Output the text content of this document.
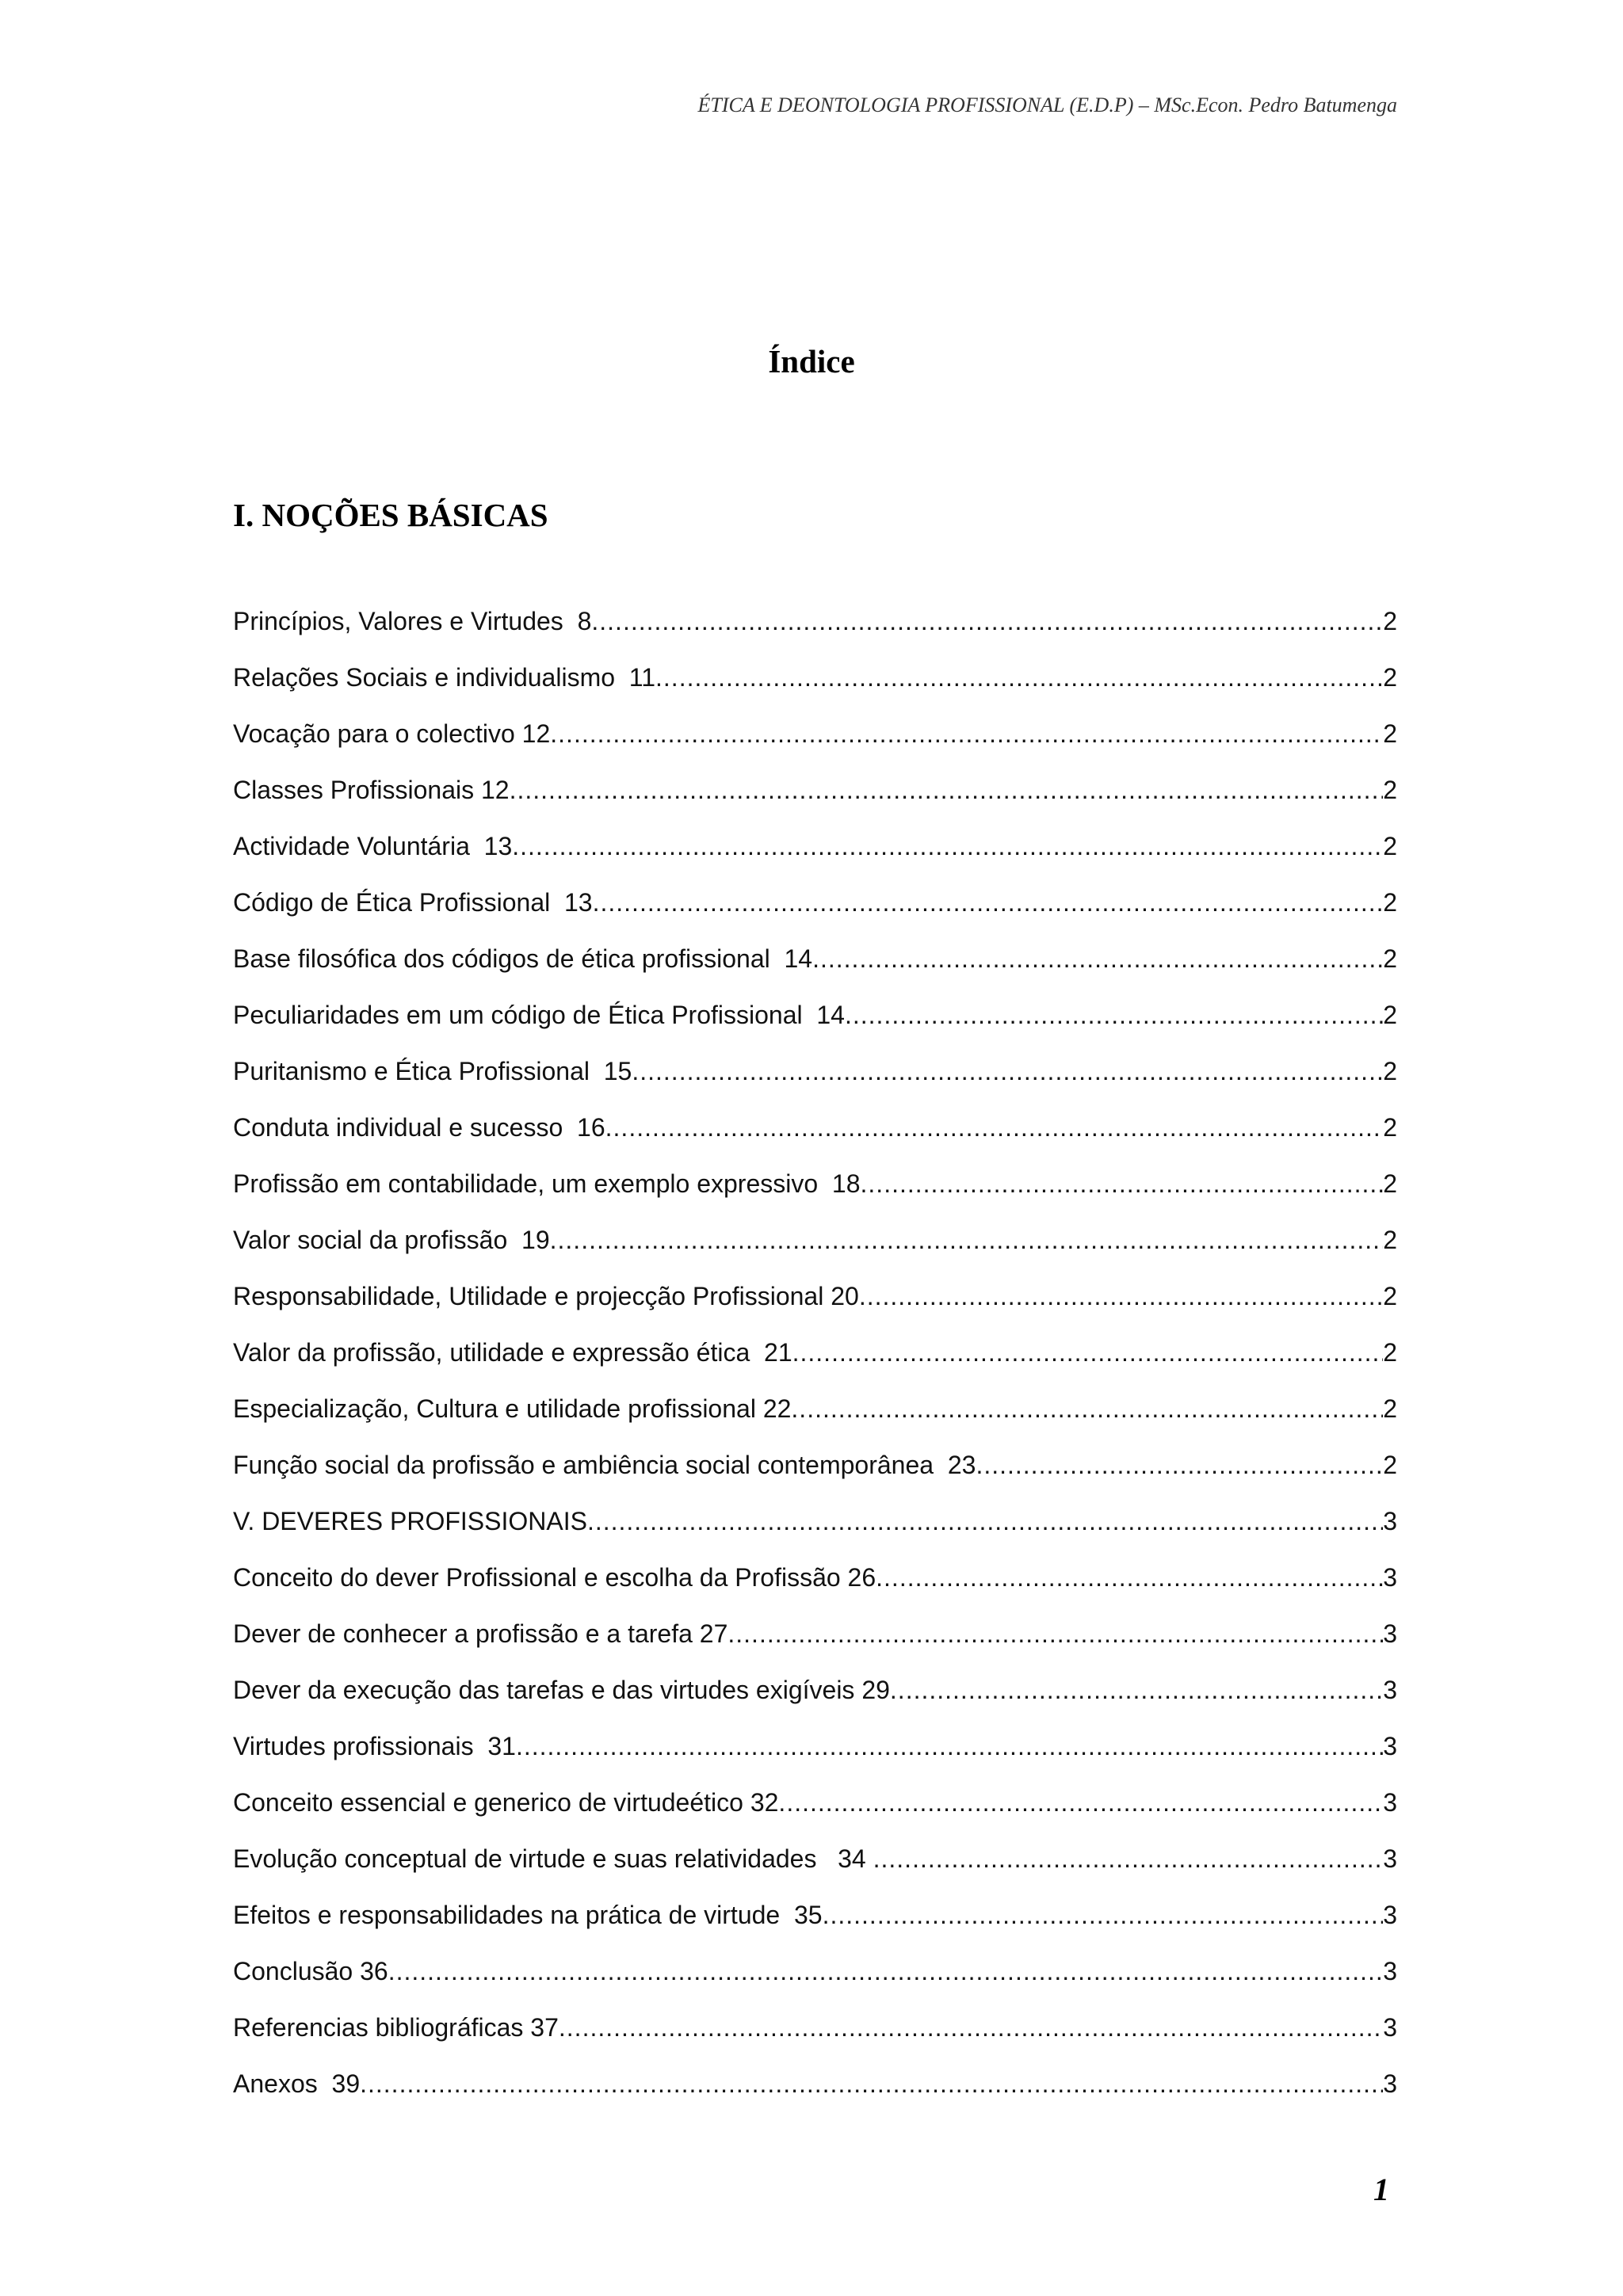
ÉTICA E DEONTOLOGIA PROFISSIONAL (E.D.P) – MSc.Econ. Pedro Batumenga
Índice
I. NOÇÕES BÁSICAS
Princípios, Valores e Virtudes  8 .....	2
Relações Sociais e individualismo  11 .....	2
Vocação para o colectivo 12 .....	2
Classes Profissionais 12 .....	2
Actividade Voluntária  13 .....	2
Código de Ética Profissional  13 .....	2
Base filosófica dos códigos de ética profissional  14 .....	2
Peculiaridades em um código de Ética Profissional  14 .....	2
Puritanismo e Ética Profissional  15 .....	2
Conduta individual e sucesso  16 .....	2
Profissão em contabilidade, um exemplo expressivo  18 .....	2
Valor social da profissão  19 .....	2
Responsabilidade, Utilidade e projecção Profissional 20 .....	2
Valor da profissão, utilidade e expressão ética  21 .....	2
Especialização, Cultura e utilidade profissional 22 .....	2
Função social da profissão e ambiência social contemporânea  23 .....	2
V. DEVERES PROFISSIONAIS .....	3
Conceito do dever Profissional e escolha da Profissão 26 .....	3
Dever de conhecer a profissão e a tarefa 27 .....	3
Dever da execução das tarefas e das virtudes exigíveis 29 .....	3
Virtudes profissionais  31 .....	3
Conceito essencial e generico de virtudeético 32 .....	3
Evolução conceptual de virtude e suas relatividades   34 .....	3
Efeitos e responsabilidades na prática de virtude  35 .....	3
Conclusão 36 .....	3
Referencias bibliográficas 37 .....	3
Anexos  39 .....	3
1
